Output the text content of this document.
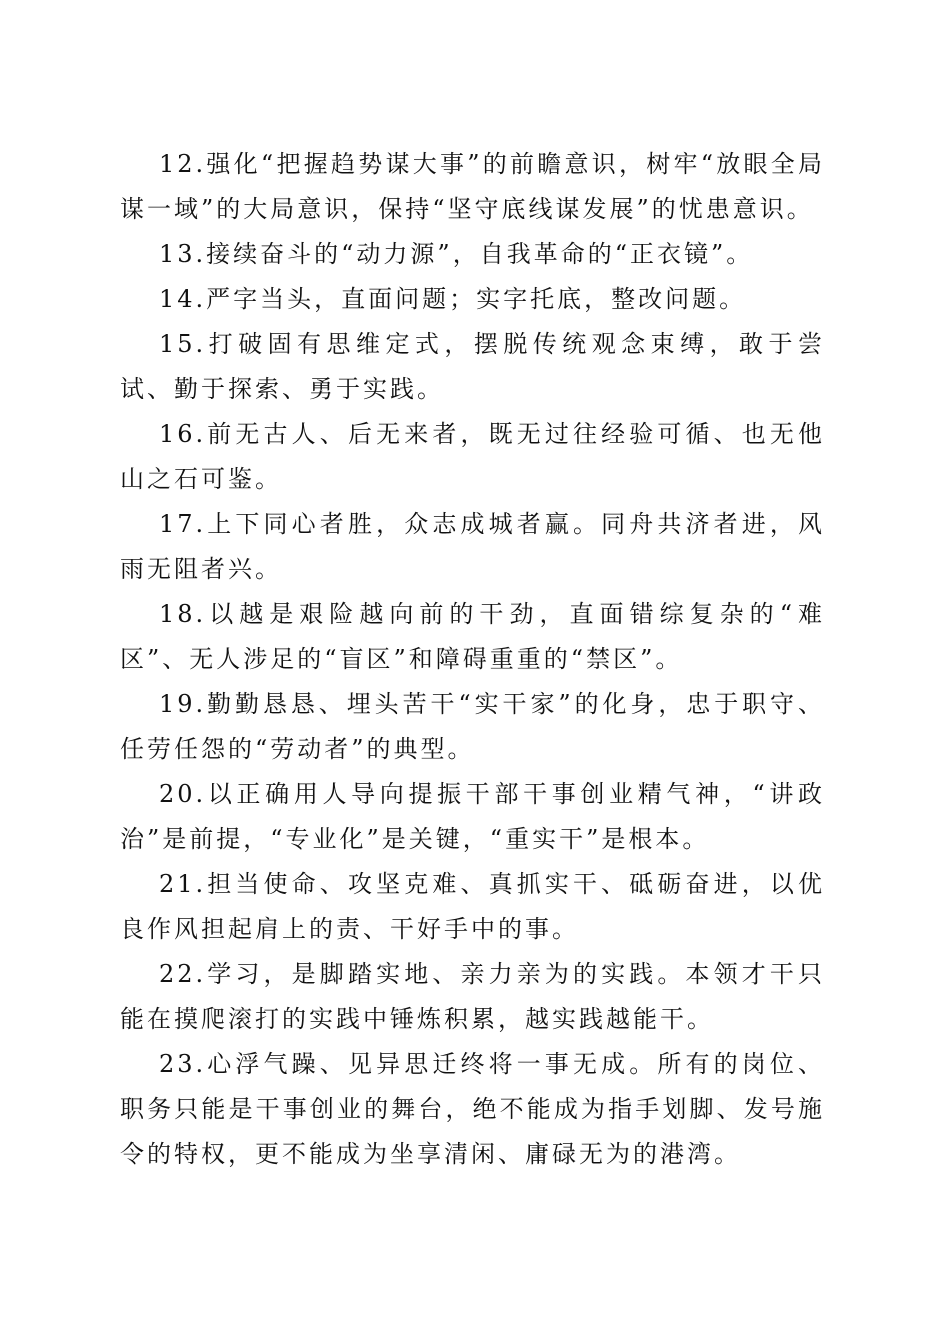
12.强化“把握趋势谋大事”的前瞻意识，树牢“放眼全局谋一域”的大局意识，保持“坚守底线谋发展”的忧患意识。

13.接续奋斗的“动力源”，自我革命的“正衣镜”。

14.严字当头，直面问题；实字托底，整改问题。

15.打破固有思维定式，摆脱传统观念束缚，敢于尝试、勤于探索、勇于实践。

16.前无古人、后无来者，既无过往经验可循、也无他山之石可鉴。

17.上下同心者胜，众志成城者赢。同舟共济者进，风雨无阻者兴。

18.以越是艰险越向前的干劲，直面错综复杂的“难区”、无人涉足的“盲区”和障碍重重的“禁区”。

19.勤勤恳恳、埋头苦干“实干家”的化身，忠于职守、任劳任怨的“劳动者”的典型。

20.以正确用人导向提振干部干事创业精气神，“讲政治”是前提，“专业化”是关键，“重实干”是根本。

21.担当使命、攻坚克难、真抓实干、砥砺奋进，以优良作风担起肩上的责、干好手中的事。

22.学习，是脚踏实地、亲力亲为的实践。本领才干只能在摸爬滚打的实践中锤炼积累，越实践越能干。

23.心浮气躁、见异思迁终将一事无成。所有的岗位、职务只能是干事创业的舞台，绝不能成为指手划脚、发号施令的特权，更不能成为坐享清闲、庸碌无为的港湾。
